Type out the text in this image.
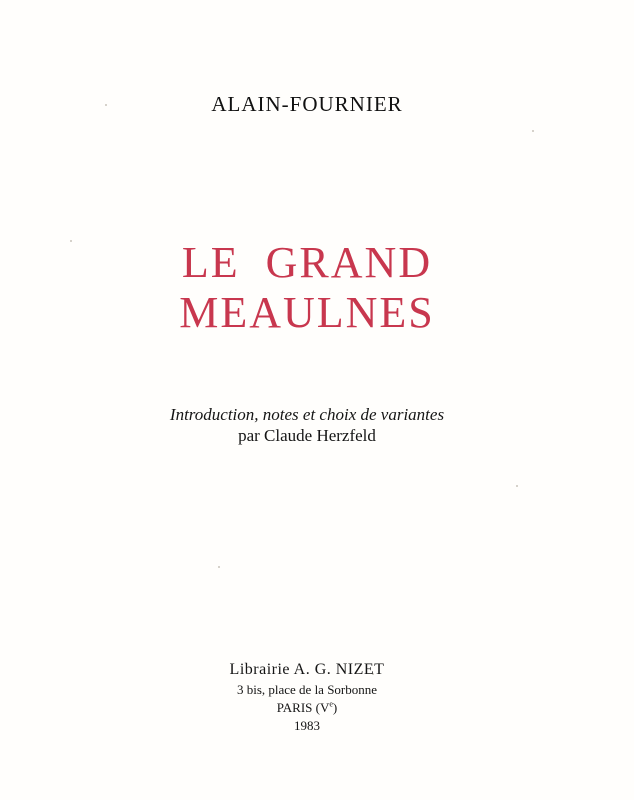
ALAIN-FOURNIER
LE  GRAND
MEAULNES
Introduction, notes et choix de variantes
par Claude Herzfeld
Librairie A. G. NIZET
3 bis, place de la Sorbonne
PARIS (Ve)
1983
